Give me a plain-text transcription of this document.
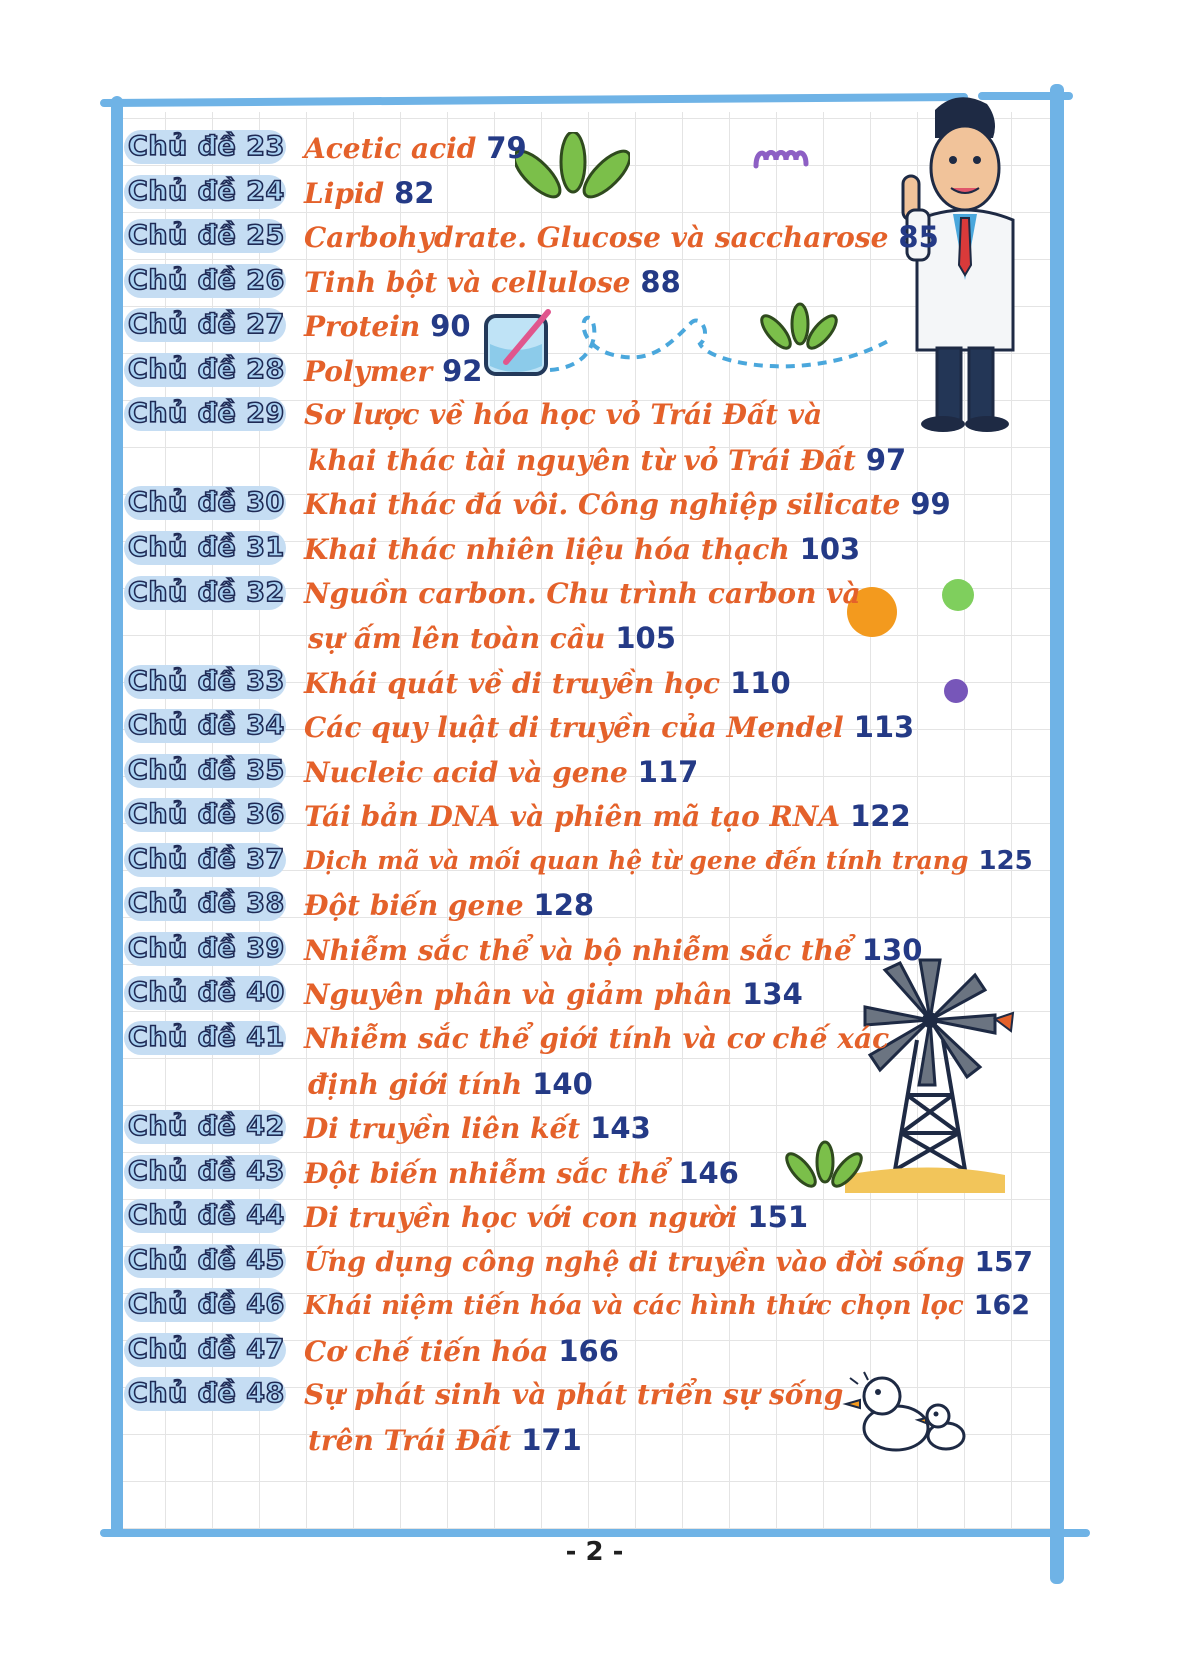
Chủ đề 23 Acetic acid 79
Chủ đề 24 Lipid 82
Chủ đề 25 Carbohydrate. Glucose và saccharose 85
Chủ đề 26 Tinh bột và cellulose 88
Chủ đề 27 Protein 90
Chủ đề 28 Polymer 92
Chủ đề 29 Sơ lược về hóa học vỏ Trái Đất và
khai thác tài nguyên từ vỏ Trái Đất 97
Chủ đề 30 Khai thác đá vôi. Công nghiệp silicate 99
Chủ đề 31 Khai thác nhiên liệu hóa thạch 103
Chủ đề 32 Nguồn carbon. Chu trình carbon và
sự ấm lên toàn cầu 105
Chủ đề 33 Khái quát về di truyền học 110
Chủ đề 34 Các quy luật di truyền của Mendel 113
Chủ đề 35 Nucleic acid và gene 117
Chủ đề 36 Tái bản DNA và phiên mã tạo RNA 122
Chủ đề 37 Dịch mã và mối quan hệ từ gene đến tính trạng 125
Chủ đề 38 Đột biến gene 128
Chủ đề 39 Nhiễm sắc thể và bộ nhiễm sắc thể 130
Chủ đề 40 Nguyên phân và giảm phân 134
Chủ đề 41 Nhiễm sắc thể giới tính và cơ chế xác
định giới tính 140
Chủ đề 42 Di truyền liên kết 143
Chủ đề 43 Đột biến nhiễm sắc thể 146
Chủ đề 44 Di truyền học với con người 151
Chủ đề 45 Ứng dụng công nghệ di truyền vào đời sống 157
Chủ đề 46 Khái niệm tiến hóa và các hình thức chọn lọc 162
Chủ đề 47 Cơ chế tiến hóa 166
Chủ đề 48 Sự phát sinh và phát triển sự sống
trên Trái Đất 171
- 2 -
